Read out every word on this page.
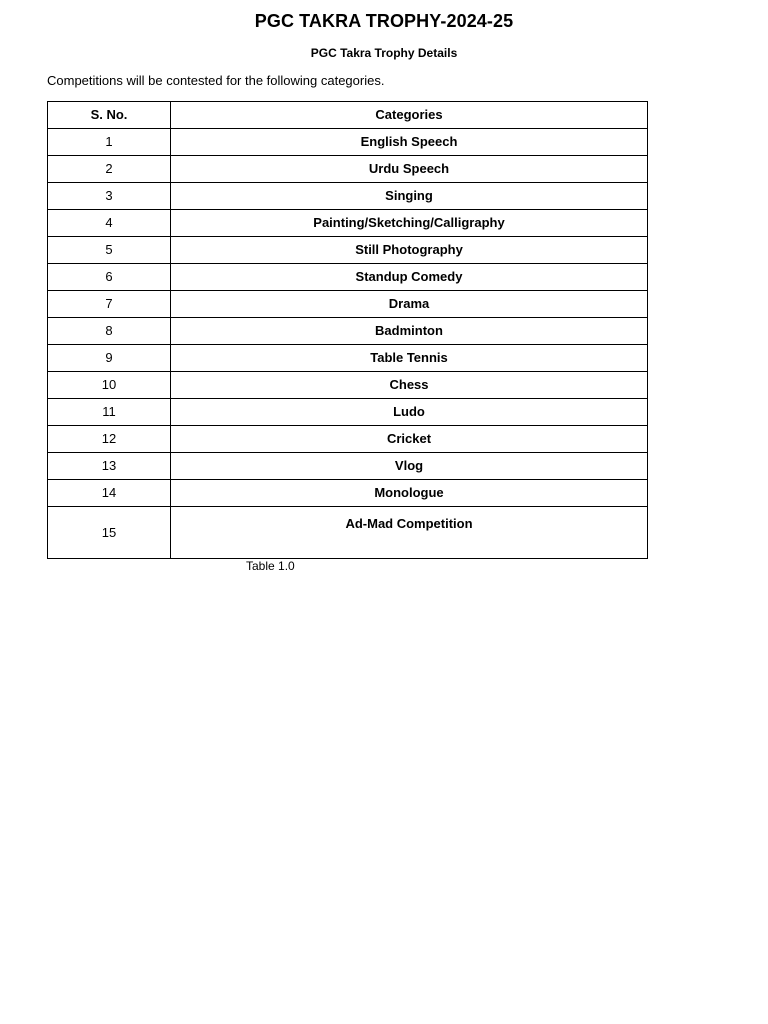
PGC TAKRA TROPHY-2024-25
PGC Takra Trophy Details
Competitions will be contested for the following categories.
S. No.	Categories
1	English Speech
2	Urdu Speech
3	Singing
4	Painting/Sketching/Calligraphy
5	Still Photography
6	Standup Comedy
7	Drama
8	Badminton
9	Table Tennis
10	Chess
11	Ludo
12	Cricket
13	Vlog
14	Monologue
15	Ad-Mad Competition
Table 1.0
